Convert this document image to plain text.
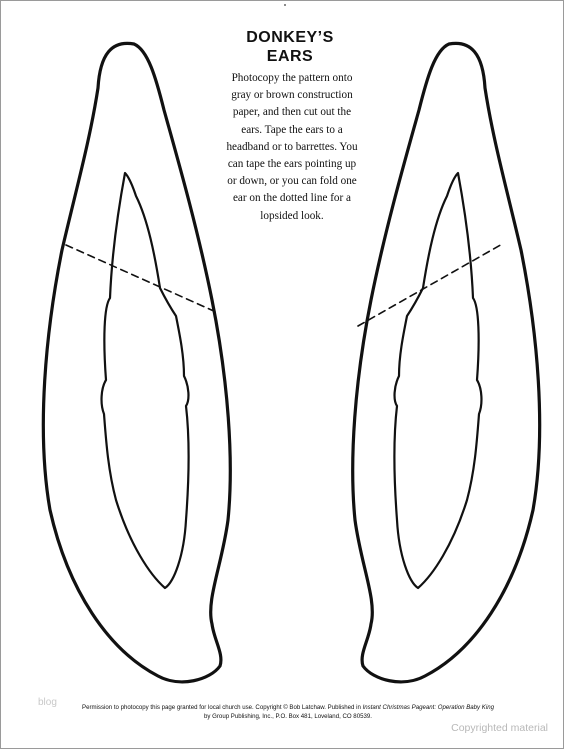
DONKEY’S
EARS
Photocopy the pattern onto gray or brown construction paper, and then cut out the ears. Tape the ears to a headband or to barrettes. You can tape the ears pointing up or down, or you can fold one ear on the dotted line for a lopsided look.
Permission to photocopy this page granted for local church use. Copyright © Bob Latchaw. Published in Instant Christmas Pageant: Operation Baby King by Group Publishing, Inc., P.O. Box 481, Loveland, CO 80539.
blog
Copyrighted material
